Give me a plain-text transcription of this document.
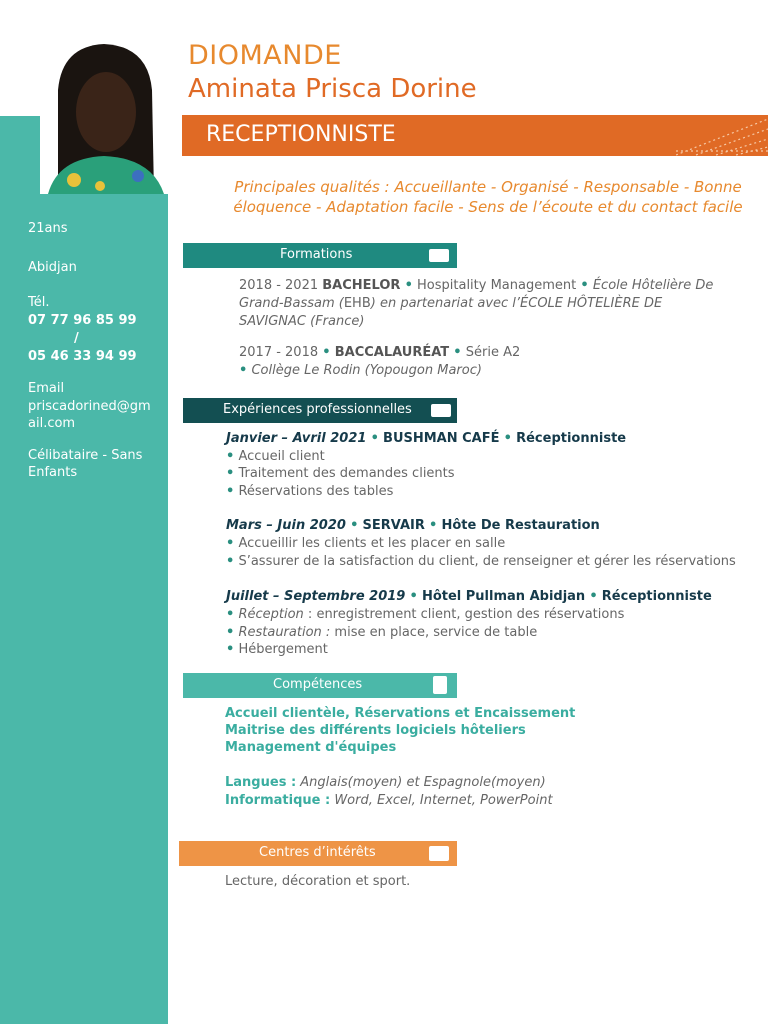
21ans
Abidjan
Tél.
07 77 96 85 99
/
05 46 33 94 99
Email
priscadorined@gm
ail.com
Célibataire - Sans
Enfants
DIOMANDE
Aminata Prisca Dorine
RECEPTIONNISTE
Principales qualités : Accueillante - Organisé - Responsable - Bonne
éloquence - Adaptation facile - Sens de l’écoute et du contact facile
Formations
2018 - 2021 BACHELOR • Hospitality Management • École Hôtelière De
Grand-Bassam (EHB) en partenariat avec l’ÉCOLE HÔTELIÈRE DE
SAVIGNAC (France)
2017 - 2018 • BACCALAURÉAT • Série A2
• Collège Le Rodin (Yopougon Maroc)
Expériences professionnelles
Janvier – Avril 2021 • BUSHMAN CAFÉ • Réceptionniste
• Accueil client
• Traitement des demandes clients
• Réservations des tables
Mars – Juin 2020 • SERVAIR • Hôte De Restauration
• Accueillir les clients et les placer en salle
• S’assurer de la satisfaction du client, de renseigner et gérer les réservations
Juillet – Septembre 2019 • Hôtel Pullman Abidjan • Réceptionniste
• Réception : enregistrement client, gestion des réservations
• Restauration : mise en place, service de table
• Hébergement
Compétences
Accueil clientèle, Réservations et Encaissement
Maitrise des différents logiciels hôteliers
Management d'équipes
Langues : Anglais(moyen) et Espagnole(moyen)
Informatique : Word, Excel, Internet, PowerPoint
Centres d’intérêts
Lecture, décoration et sport.
